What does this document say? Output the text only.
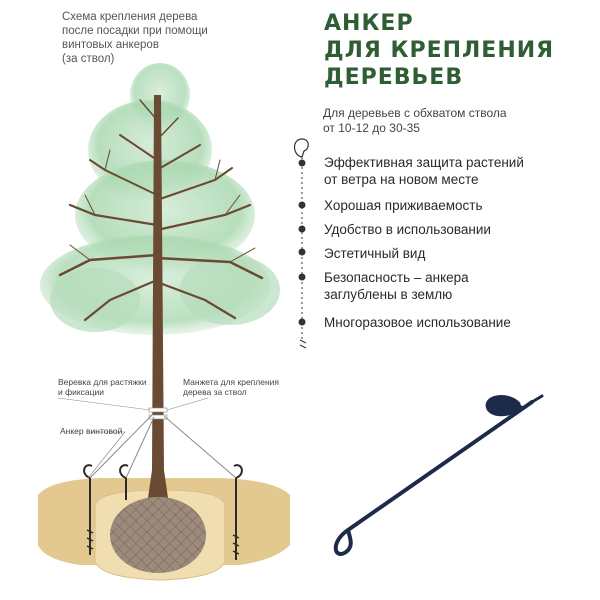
Схема крепления дерева
после посадки при помощи
винтовых анкеров
(за ствол)
Веревка для растяжки
и фиксации
Манжета для крепления
дерева за ствол
Анкер винтовой
АНКЕР
ДЛЯ КРЕПЛЕНИЯ
ДЕРЕВЬЕВ
Для деревьев с обхватом ствола
от 10-12 до 30-35
Эффективная защита растений
от ветра на новом месте
Хорошая приживаемость
Удобство в использовании
Эстетичный вид
Безопасность – анкера
заглублены в землю
Многоразовое использование
